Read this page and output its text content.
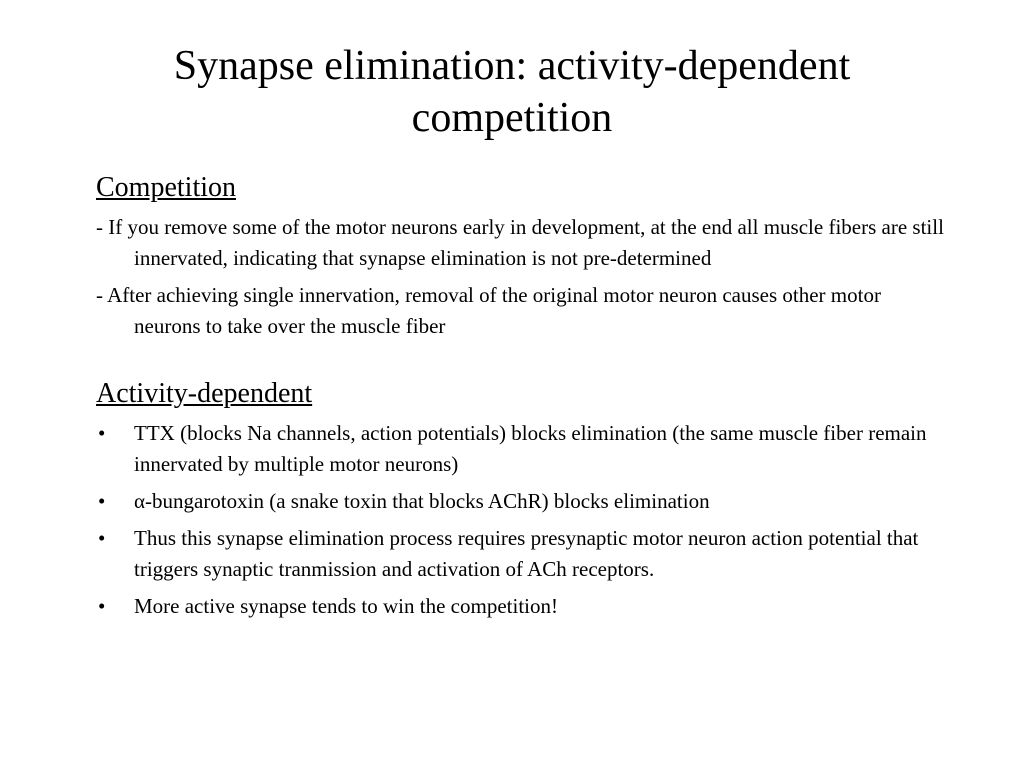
Synapse elimination: activity-dependent competition
Competition

- If you remove some of the motor neurons early in development, at the end all muscle fibers are still innervated, indicating that synapse elimination is not pre-determined

- After achieving single innervation, removal of the original motor neuron causes other motor neurons to take over the muscle fiber

Activity-dependent
• TTX (blocks Na channels, action potentials) blocks elimination (the same muscle fiber remain innervated by multiple motor neurons)
• α-bungarotoxin (a snake toxin that blocks AChR) blocks elimination
• Thus this synapse elimination process requires presynaptic motor neuron action potential that triggers synaptic tranmission and activation of ACh receptors.
• More active synapse tends to win the competition!
